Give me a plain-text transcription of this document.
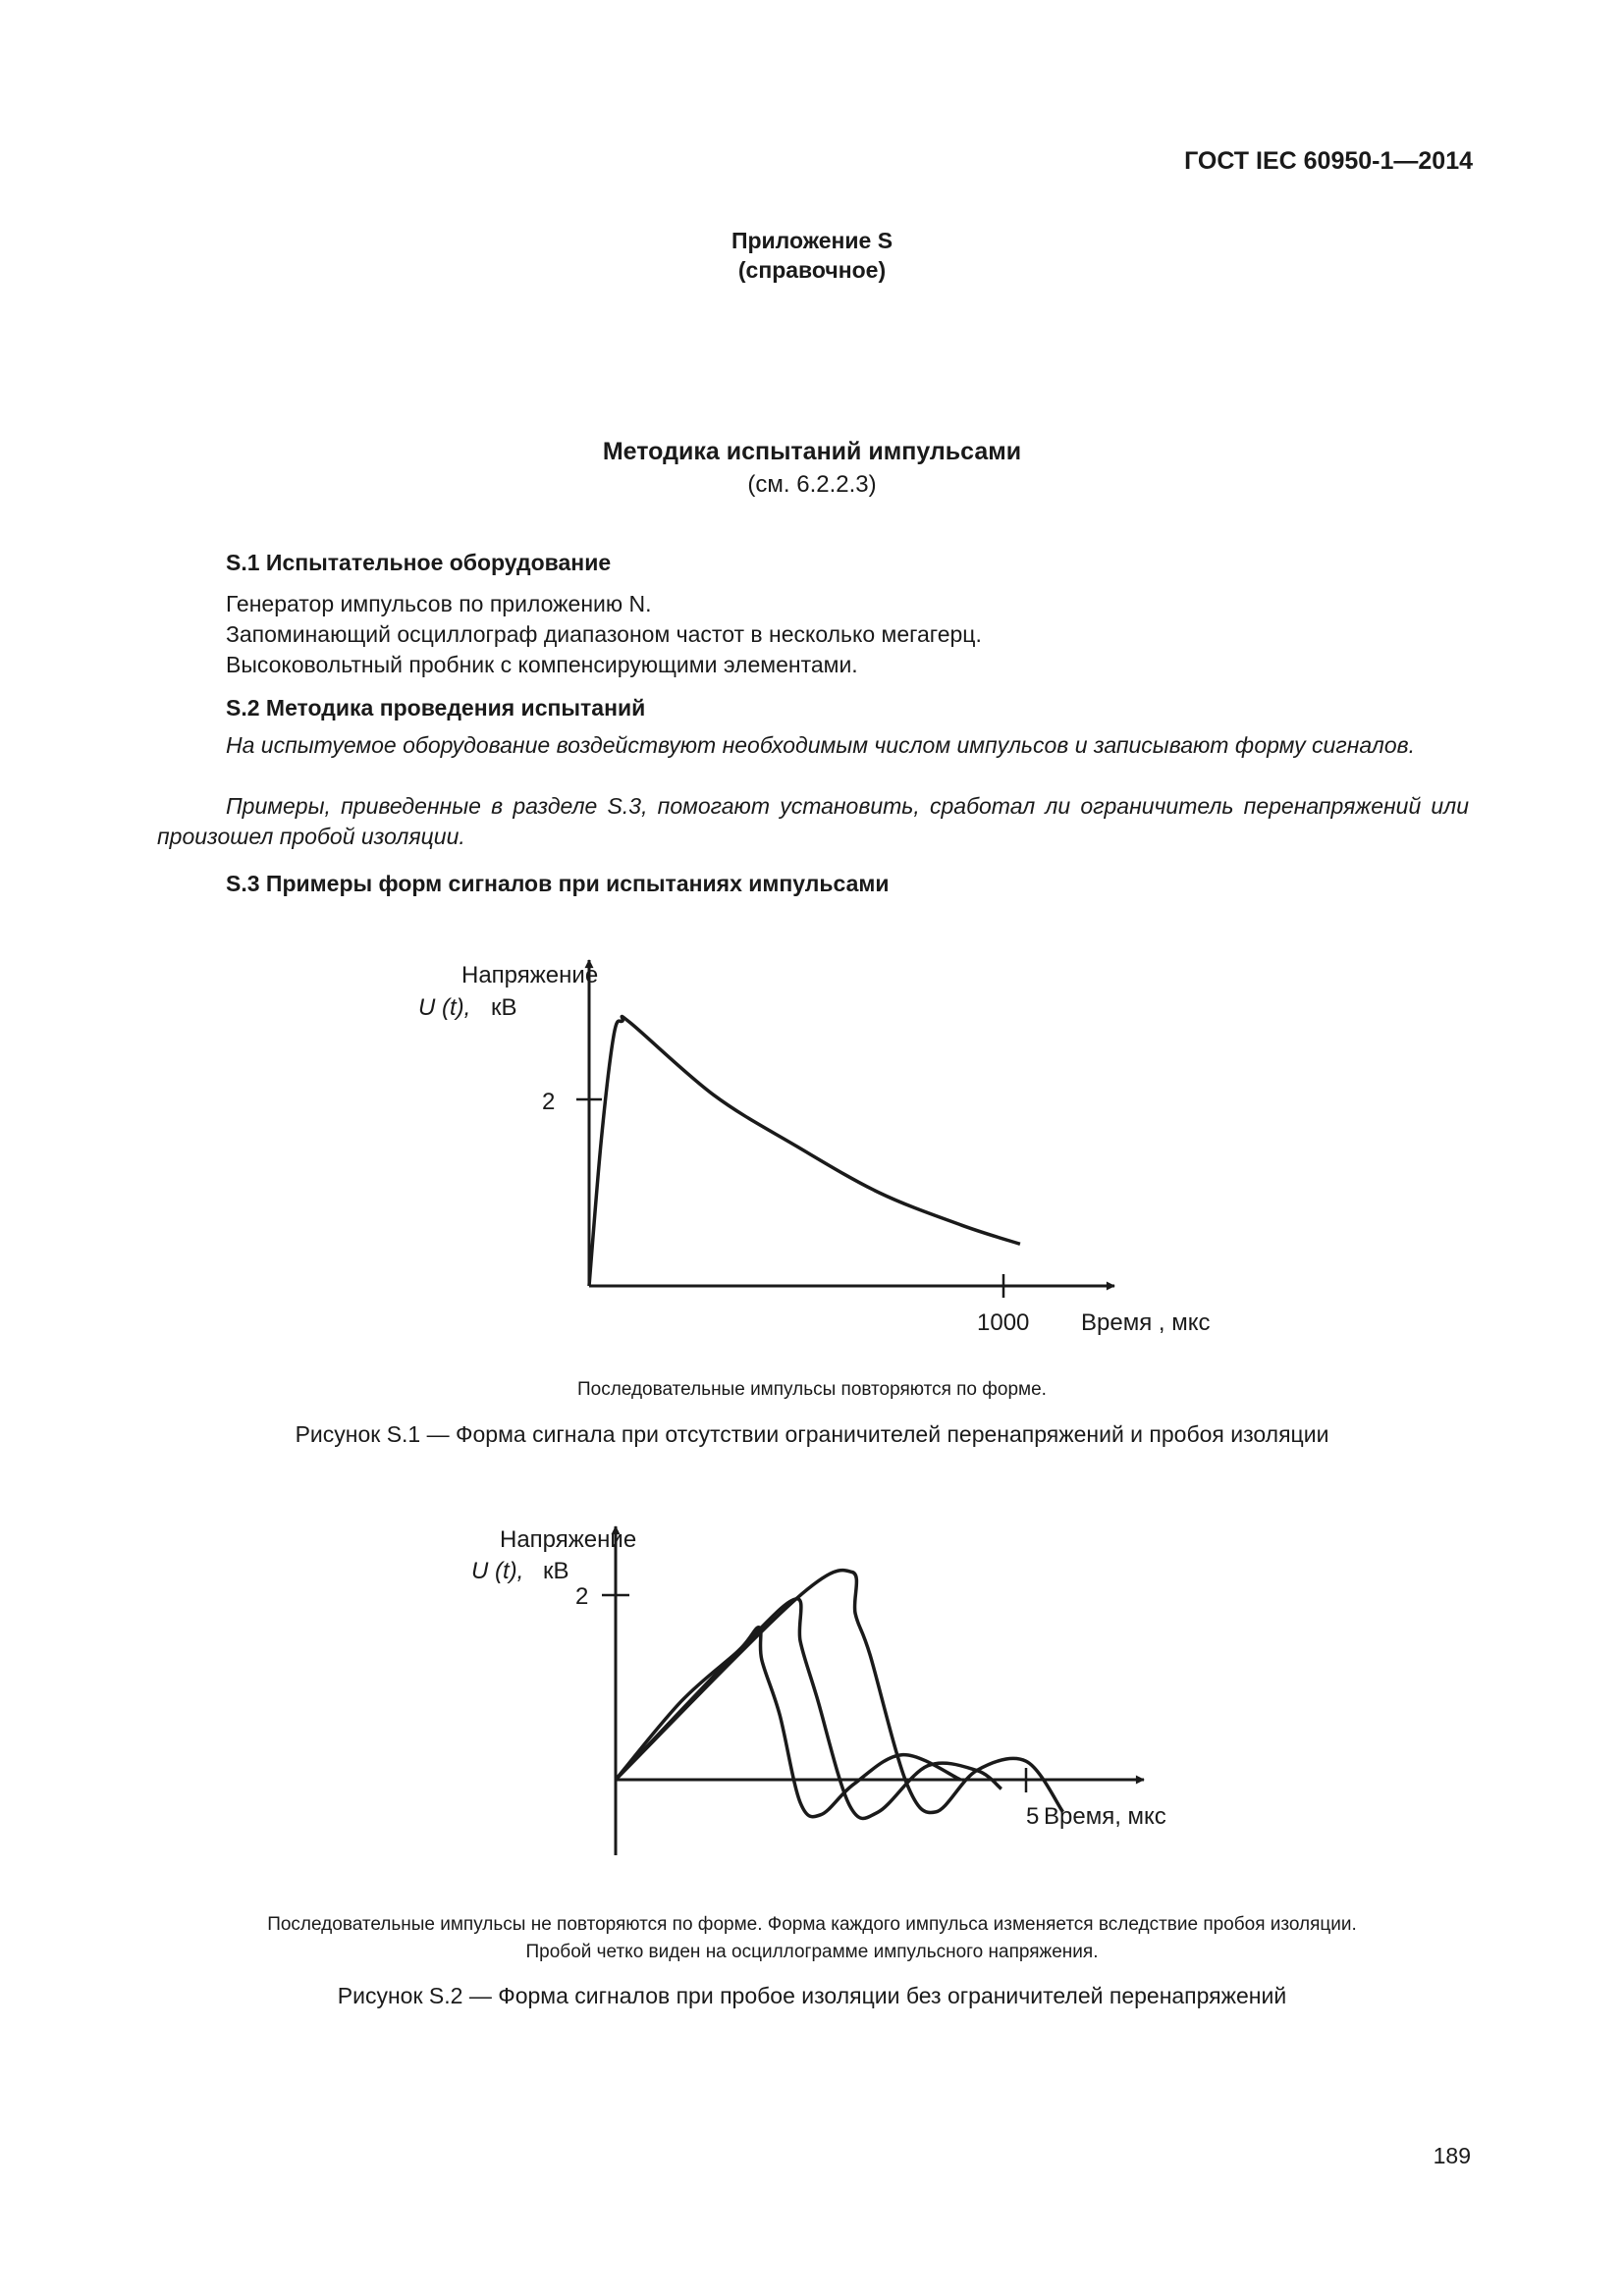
ГОСТ IEC 60950-1—2014
Приложение S
(справочное)
Методика испытаний импульсами
(см. 6.2.2.3)
S.1 Испытательное оборудование
Генератор импульсов по приложению N.
Запоминающий осциллограф диапазоном частот в несколько мегагерц.
Высоковольтный пробник с компенсирующими элементами.
S.2 Методика проведения испытаний
На испытуемое оборудование воздействуют необходимым числом импульсов и записывают форму сигналов.
Примеры, приведенные в разделе S.3, помогают установить, сработал ли ограничитель перенапряжений или произошел пробой изоляции.
S.3 Примеры форм сигналов при испытаниях импульсами
Напряжение
U (t), кВ
2
1000 Время , мкс
Напряжение
U (t), кВ
2
5 Время, мкс
Последовательные импульсы повторяются по форме.
Рисунок S.1 — Форма сигнала при отсутствии ограничителей перенапряжений и пробоя изоляции
Последовательные импульсы не повторяются по форме. Форма каждого импульса изменяется вследствие пробоя изоляции.
Пробой четко виден на осциллограмме импульсного напряжения.
Рисунок S.2 — Форма сигналов при пробое изоляции без ограничителей перенапряжений
189
